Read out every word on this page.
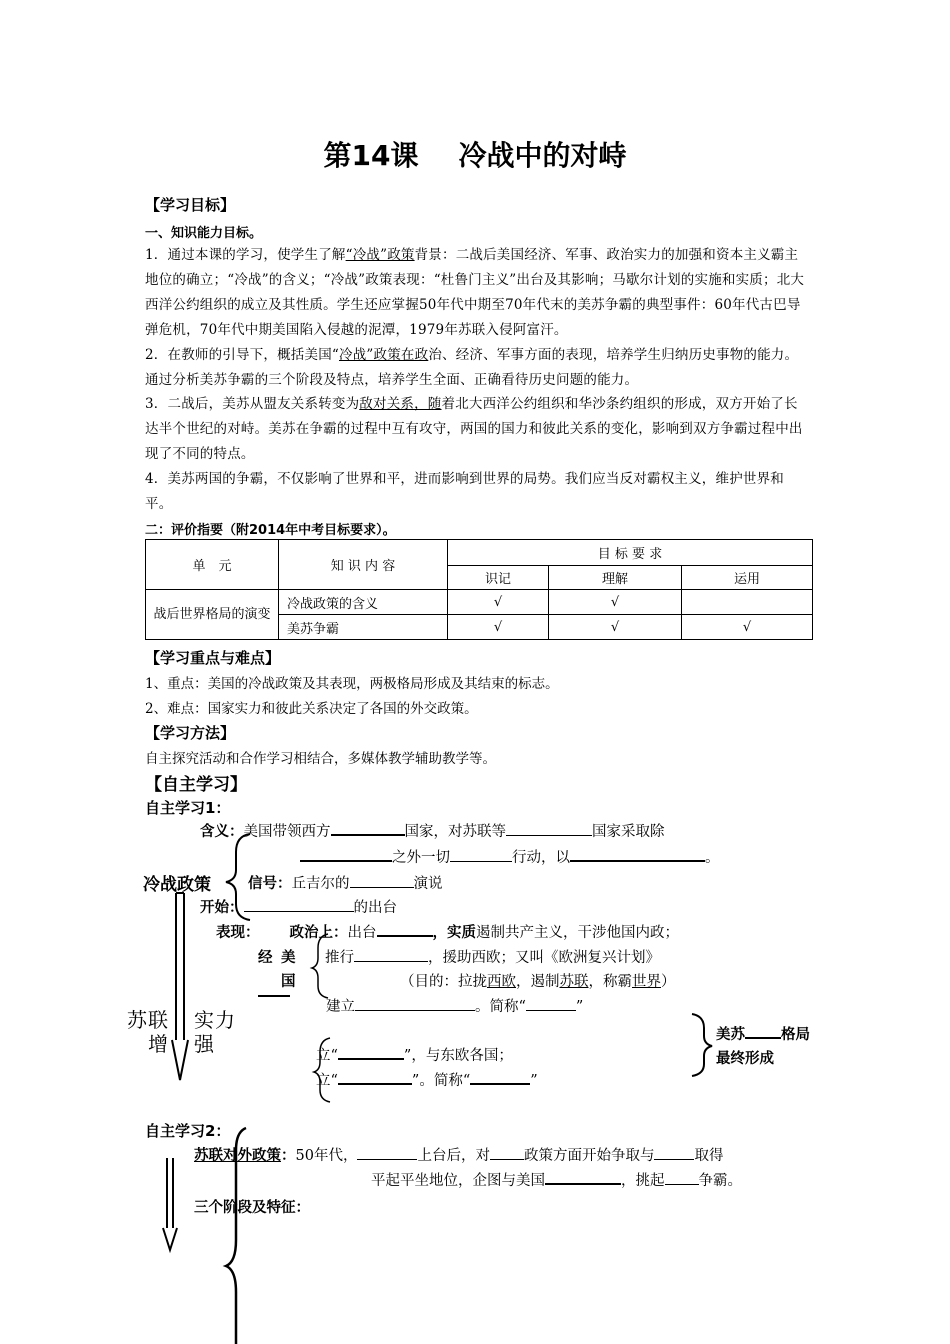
第14课 冷战中的对峙
【学习目标】
一、知识能力目标。
1．通过本课的学习，使学生了解“冷战”政策背景：二战后美国经济、军事、政治实力的加强和资本主义霸主地位的确立；“冷战”的含义；“冷战”政策表现：“杜鲁门主义”出台及其影响；马歇尔计划的实施和实质；北大西洋公约组织的成立及其性质。学生还应掌握50年代中期至70年代末的美苏争霸的典型事件：60年代古巴导弹危机，70年代中期美国陷入侵越的泥潭，1979年苏联入侵阿富汗。
2．在教师的引导下，概括美国“冷战”政策在政治、经济、军事方面的表现，培养学生归纳历史事物的能力。通过分析美苏争霸的三个阶段及特点，培养学生全面、正确看待历史问题的能力。
3．二战后，美苏从盟友关系转变为敌对关系，随着北大西洋公约组织和华沙条约组织的形成，双方开始了长达半个世纪的对峙。美苏在争霸的过程中互有攻守，两国的国力和彼此关系的变化，影响到双方争霸过程中出现了不同的特点。
4．美苏两国的争霸，不仅影响了世界和平，进而影响到世界的局势。我们应当反对霸权主义，维护世界和平。
二：评价指要（附2014年中考目标要求）。
单　元	知 识 内 容	目 标 要 求		
		识记	理解	运用
战后世界格局的演变	冷战政策的含义	√	√	
	美苏争霸	√	√	√
【学习重点与难点】
1、重点：美国的冷战政策及其表现，两极格局形成及其结束的标志。
2、难点：国家实力和彼此关系决定了各国的外交政策。
【学习方法】
自主探究活动和合作学习相结合，多媒体教学辅助教学等。
【自主学习】
自主学习1：
含义：美国带领西方	国家，对苏联等	国家采取除
之外一切	行动，以	。
冷战政策	信号：丘吉尔的	演说
开始：	的出台
表现： 政治上：出台	，实质遏制共产主义，干涉他国内政；
经 美
国
推行	，援助西欧；又叫《欧洲复兴计划》
（目的：拉拢西欧，遏制苏联，称霸世界）
建立	。简称“	”
苏联 实力
增 强	美苏 格局
最终形成
立“	”，与东欧各国；
立“	”。简称“	”
自主学习2：
苏联对外政策：50年代，	上台后，对 政策方面开始争取与	取得
平起平坐地位，企图与美国	，挑起 争霸。
三个阶段及特征：
